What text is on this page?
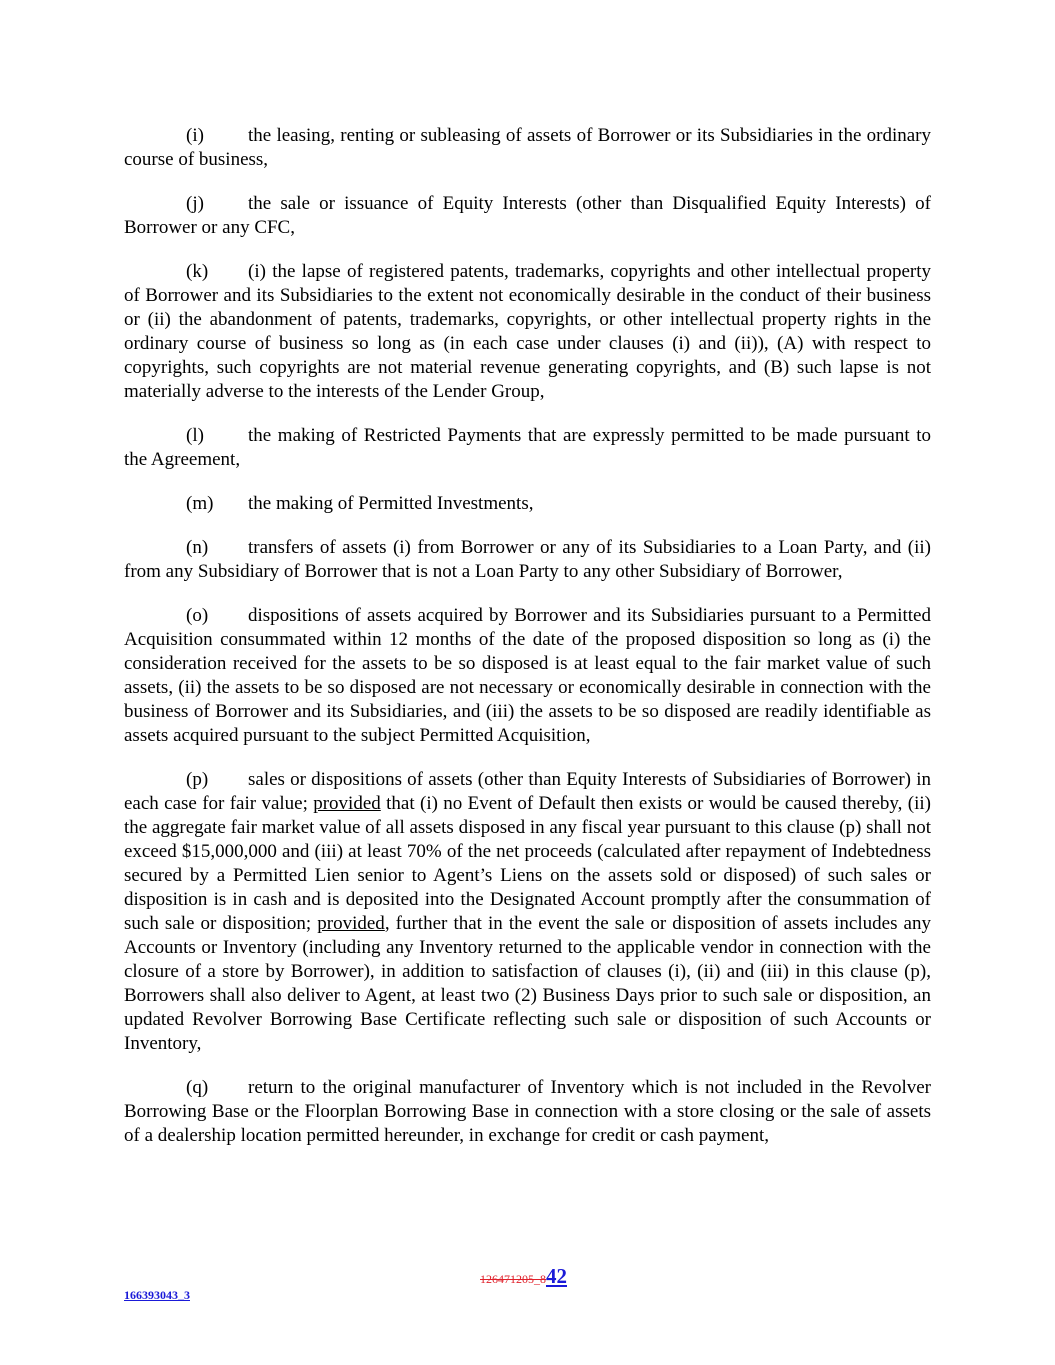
(i) the leasing, renting or subleasing of assets of Borrower or its Subsidiaries in the ordinary course of business,

(j) the sale or issuance of Equity Interests (other than Disqualified Equity Interests) of Borrower or any CFC,

(k) (i) the lapse of registered patents, trademarks, copyrights and other intellectual property of Borrower and its Subsidiaries to the extent not economically desirable in the conduct of their business or (ii) the abandonment of patents, trademarks, copyrights, or other intellectual property rights in the ordinary course of business so long as (in each case under clauses (i) and (ii)), (A) with respect to copyrights, such copyrights are not material revenue generating copyrights, and (B) such lapse is not materially adverse to the interests of the Lender Group,

(l) the making of Restricted Payments that are expressly permitted to be made pursuant to the Agreement,

(m) the making of Permitted Investments,

(n) transfers of assets (i) from Borrower or any of its Subsidiaries to a Loan Party, and (ii) from any Subsidiary of Borrower that is not a Loan Party to any other Subsidiary of Borrower,

(o) dispositions of assets acquired by Borrower and its Subsidiaries pursuant to a Permitted Acquisition consummated within 12 months of the date of the proposed disposition so long as (i) the consideration received for the assets to be so disposed is at least equal to the fair market value of such assets, (ii) the assets to be so disposed are not necessary or economically desirable in connection with the business of Borrower and its Subsidiaries, and (iii) the assets to be so disposed are readily identifiable as assets acquired pursuant to the subject Permitted Acquisition,

(p) sales or dispositions of assets (other than Equity Interests of Subsidiaries of Borrower) in each case for fair value; provided that (i) no Event of Default then exists or would be caused thereby, (ii) the aggregate fair market value of all assets disposed in any fiscal year pursuant to this clause (p) shall not exceed $15,000,000 and (iii) at least 70% of the net proceeds (calculated after repayment of Indebtedness secured by a Permitted Lien senior to Agent’s Liens on the assets sold or disposed) of such sales or disposition is in cash and is deposited into the Designated Account promptly after the consummation of such sale or disposition; provided, further that in the event the sale or disposition of assets includes any Accounts or Inventory (including any Inventory returned to the applicable vendor in connection with the closure of a store by Borrower), in addition to satisfaction of clauses (i), (ii) and (iii) in this clause (p), Borrowers shall also deliver to Agent, at least two (2) Business Days prior to such sale or disposition, an updated Revolver Borrowing Base Certificate reflecting such sale or disposition of such Accounts or Inventory,

(q) return to the original manufacturer of Inventory which is not included in the Revolver Borrowing Base or the Floorplan Borrowing Base in connection with a store closing or the sale of assets of a dealership location permitted hereunder, in exchange for credit or cash payment,

126471205_842
166393043_3
